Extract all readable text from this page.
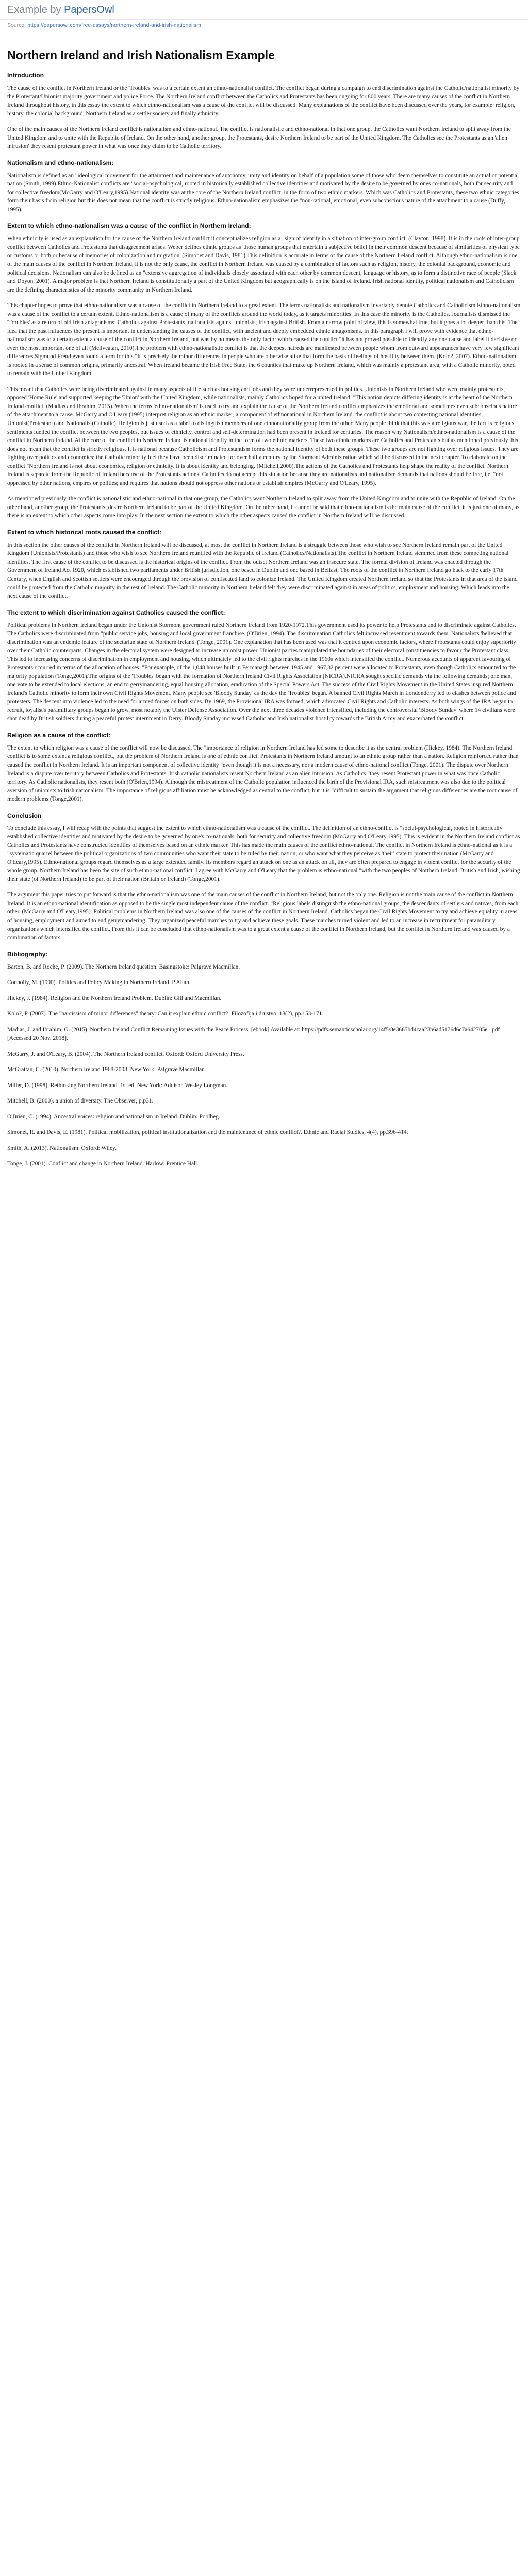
Example by PapersOwl
Source: https://papersowl.com/free-essays/northern-ireland-and-irish-nationalism
Northern Ireland and Irish Nationalism Example
Introduction

The cause of the conflict in Northern Ireland or the 'Troubles' was to a certain extent an ethno-nationalist conflict. The conflict began during a campaign to end discrimination against the Catholic/nationalist minority by the Protestant/Unionist majority government and police Force. The Northern Ireland conflict between the Catholics and Protestants has been ongoing for 800 years. There are many causes of the conflict in Northern Ireland throughout history, in this essay the extent to which ethno-nationalism was a cause of the conflict will be discussed. Many explanations of the conflict have been discussed over the years, for example: religion, history, the colonial background, Northern Ireland as a settler society and finally ethnicity.

One of the main causes of the Northern Ireland conflict is nationalism and ethno-national. The conflict is nationalistic and ethno-national in that one group, the Catholics want Northern Ireland to split away from the United Kingdom and to unite with the Republic of Ireland. On the other hand, another group, the Protestants, desire Northern Ireland to be part of the United Kingdom. The Catholics see the Protestants as an 'alien intrusion' they resent protestant power in what was once they claim to be Catholic territory.

Nationalism and ethno-nationalism:

Nationalism is defined as an "ideological movement for the attainment and maintenance of autonomy, unity and identity on behalf of a population some of those who deem themselves to constitute an actual or potential nation (Smith, 1999).Ethno-Nationalist conflicts are "social-psychological, rooted in historically established collective identities and motivated by the desire to be governed by ones co-nationals, both for security and for collective freedom(McGarry and O'Leary,1995).National identity was at the core of the Northern Ireland conflict, in the form of two ethnic markers. Which was Catholics and Protestants, these two ethnic categories form their basis from religion but this does not mean that the conflict is strictly religious. Ethno-nationalism emphasizes the "non-rational, emotional, even subconscious nature of the attachment to a cause (Duffy, 1995).

Extent to which ethno-nationalism was a cause of the conflict in Northern Ireland:

When ethnicity is used as an explanation for the cause of the Northern Ireland conflict it conceptualizes religion as a "sign of identity in a situation of inter-group conflict. (Clayton, 1998). It is in the roots of inter-group conflict between Catholics and Protestants that disagreement arises. Weber defines ethnic groups as 'those human groups that entertain a subjective belief in their common descent because of similarities of physical type or customs or both or because of memories of colonization and migration' (Simonet and Davis, 1981).This definition is accurate in terms of the cause of the Northern Ireland conflict. Although ethno-nationalism is one of the main causes of the conflict in Northern Ireland, it is not the only cause, the conflict in Northern Ireland was caused by a combination of factors such as religion, history, the colonial background, economic and political decisions. Nationalism can also be defined as an "extensive aggregation of individuals closely associated with each other by common descent, language or history, as to form a distinctive race of people (Slack and Doyon, 2001). A major problem is that Northern Ireland is constitutionally a part of the United Kingdom but geographically is on the island of Ireland. Irish national identity, political nationalism and Catholicism are the defining characteristics of the minority community in Northern Ireland.

This chapter hopes to prove that ethno-nationalism was a cause of the conflict in Northern Ireland to a great extent. The terms nationalists and nationalism invariably denote Catholics and Catholicism.Ethno-nationalism was a cause of the conflict to a certain extent. Ethno-nationalism is a cause of many of the conflicts around the world today, as it targets minorities. In this case the minority is the Catholics. Journalists dismissed the 'Troubles' as a return of old Irish antagonisms; Catholics against Protestants, nationalists against unionists, Irish against British. From a narrow point of view, this is somewhat true, but it goes a lot deeper than this. The idea that the past influences the present is important in understanding the causes of the conflict, with ancient and deeply embedded ethnic antagonisms. In this paragraph I will prove with evidence that ethno-nationalism was to a certain extent a cause of the conflict in Northern Ireland, but was by no means the only factor which caused the conflict "it has not proved possible to identify any one cause and label it decisive or even the most important one of all (Mcllveatan, 2010).The problem with ethno-nationalistic conflict is that the deepest hatreds are manifested between people whom from outward appearances have very few significant differences.Sigmund Freud even found a term for this "It is precisely the minor differences in people who are otherwise alike that form the basis of feelings of hostility between them. (Kolo?, 2007). Ethno-nationalism is rooted in a sense of common origins, primarily ancestral. When Ireland became the Irish Free State, the 6 counties that make up Northern Ireland, which was mainly a protestant area, with a Catholic minority, opted to remain with the United Kingdom.

This meant that Catholics were being discriminated against in many aspects of life such as housing and jobs and they were underrepresented in politics. Unionists in Northern Ireland who were mainly protestants, opposed 'Home Rule' and supported keeping the 'Union' with the United Kingdom, while nationalists, mainly Catholics hoped for a united Ireland. "This notion depicts differing identity is at the heart of the Northern Ireland conflict. (Madias and Ibrahim, 2015). When the terms 'ethno-nationalism' is used to try and explain the cause of the Northern Ireland conflict emphasizes the emotional and sometimes even subconscious nature of the attachment to a cause. McGarry and O'Leary (1995) interpret religion as an ethnic marker, a component of ethnonational in Northern Ireland. the conflict is about two contesting national identities, Unionist(Protestant) and Nationalist(Catholic). Religion is just used as a label to distinguish members of one ethnonationality group from the other. Many people think that this was a religious war, the fact is religious sentiments fuelled the conflict between the two peoples, but issues of ethnicity, control and self-determination had been present in Ireland for centuries. The reason why Nationalism/ethno-nationalism is a cause of the conflict in Northern Ireland. At the core of the conflict in Northern Ireland is national identity in the form of two ethnic markers. These two ethnic markers are Catholics and Protestants but as mentioned previously this does not mean that the conflict is strictly religious. It is national because Catholicism and Protestantism forms the national identity of both these groups. These two groups are not fighting over religious issues. They are fighting over politics and economics; the Catholic minority feel they have been discriminated for over half a century by the Stormont Administration which will be discussed in the next chapter. To elaborate on the conflict "Northern Ireland is not about economics, religion or ethnicity. It is about identity and belonging. (Mitchell,2000).The actions of the Catholics and Protestants help shape the reality of the conflict. Northern Ireland is separate from the Republic of Ireland because of the Protestants actions. Catholics do not accept this situation because they are nationalists and nationalism demands that nations should be free, i.e. "not oppressed by other nations, empires or polities; and requires that nations should not oppress other nations or establish empires (McGarry and O'Leary, 1995).

As mentioned previously, the conflict is nationalistic and ethno-national in that one group, the Catholics want Northern Ireland to split away from the United Kingdom and to unite with the Republic of Ireland. On the other hand, another group, the Protestants, desire Northern Ireland to be part of the United Kingdom. On the other hand, it cannot be said that ethno-nationalism is the main cause of the conflict, it is just one of many, as there is an extent to which other aspects come into play. In the next section the extent to which the other aspects caused the conflict in Northern Ireland will be discussed.

Extent to which historical roots caused the conflict:

In this section the other causes of the conflict in Northern Ireland will be discussed, at most the conflict in Northern Ireland is a struggle between those who wish to see Northern Ireland remain part of the United Kingdom (Unionists/Protestants) and those who wish to see Northern Ireland reunified with the Republic of Ireland (Catholics/Nationalists).The conflict in Northern Ireland stemmed from these competing national identities. The first cause of the conflict to be discussed is the historical origins of the conflict. From the outset Northern Ireland was an insecure state. The formal division of Ireland was enacted through the Government of Ireland Act 1920, which established two parliaments under British jurisdiction, one based in Dublin and one based in Belfast. The roots of the conflict in Northern Ireland go back to the early 17th Century, when English and Scottish settlers were encouraged through the provision of confiscated land to colonize Ireland. The United Kingdom created Northern Ireland so that the Protestants in that area of the island could be protected from the Catholic majority in the rest of Ireland. The Catholic minority in Northern Ireland felt they were discriminated against in areas of politics, employment and housing. Which leads into the next cause of the conflict.

The extent to which discrimination against Catholics caused the conflict:

Political problems in Northern Ireland began under the Unionist Stormont government ruled Northern Ireland from 1920-1972.This government used its power to help Protestants and to discriminate against Catholics. The Catholics were discriminated from "public service jobs, housing and local government franchise. (O'Brien, 1994). The discrimination Catholics felt increased resentment towards them. Nationalists 'believed that discrimination was an endemic feature of the sectarian state of Northern Ireland' (Tonge, 2001). One explanation that has been used was that it centred upon economic factors, where Protestants could enjoy superiority over their Catholic counterparts. Changes in the electoral system were designed to increase unionist power. Unionist parties manipulated the boundaries of their electoral constituencies to favour the Protestant class. This led to increasing concerns of discrimination in employment and housing, which ultimately led to the civil rights marches in the 1960s which intensified the conflict. Numerous accounts of apparent favouring of Protestants occurred in terms of the allocation of houses. "For example, of the 1,048 houses built in Fermanagh between 1945 and 1967,82 percent were allocated to Protestants, even though Catholics amounted to the majority population (Tonge,2001).The origins of the 'Troubles' began with the formation of Northern Ireland Civil Rights Association (NICRA).NICRA sought specific demands via the following demands; one man, one vote to be extended to local elections, an end to gerrymandering, equal housing allocation, eradication of the Special Powers Act. The success of the Civil Rights Movement in the United States inspired Northern Ireland's Catholic minority to form their own Civil Rights Movement. Many people see 'Bloody Sunday' as the day the 'Troubles' began. A banned Civil Rights March in Londonderry led to clashes between police and protesters. The descent into violence led to the need for armed forces on both sides. By 1969, the Provisional IRA was formed, which advocated Civil Rights and Catholic interests. As both wings of the IRA began to recruit, loyalist's paramilitary groups began to grow, most notably the Ulster Defense Association. Over the next three decades violence intensified, including the controversial 'Bloody Sunday' where 14 civilians were shot dead by British soldiers during a peaceful protest internment in Derry. Bloody Sunday increased Catholic and Irish nationalist hostility towards the British Army and exacerbated the conflict.

Religion as a cause of the conflict:

The extent to which religion was a cause of the conflict will now be discussed. The "importance of religion in Northern Ireland has led some to describe it as the central problem (Hickey, 1984). The Northern Ireland conflict is to some extent a religious conflict., but the problem of Northern Ireland is one of ethnic conflict. Protestants in Northern Ireland amount to an ethnic group rather than a nation. Religion reinforced rather than caused the conflict in Northern Ireland. It is an important component of collective identity "even though it is not a necessary, nor a modern cause of ethno-national conflict (Tonge, 2001). The dispute over Northern Ireland is a dispute over territory between Catholics and Protestants. Irish catholic nationalists resent Northern Ireland as an alien intrusion. As Catholics "they resent Protestant power in what was once Catholic territory. As Catholic nationalists, they resent both (O'Brien,1994). Although the mistreatment of the Catholic population influenced the birth of the Provisional IRA, such mistreatment was also due to the political aversion of unionists to Irish nationalism. The importance of religious affiliation must be acknowledged as central to the conflict, but it is "difficult to sustain the argument that religious differences are the root cause of modern problems (Tonge,2001).

Conclusion

To conclude this essay, I will recap with the points that suggest the extent to which ethno-nationalism was a cause of the conflict. The definition of an ethno-conflict is "social-psychological, rooted in historically established collective identities and motivated by the desire to be governed by one's co-nationals, both for security and collective freedom (McGarry and O'Leary,1995). This is evident in the Northern Ireland conflict as Catholics and Protestants have constructed identities of themselves based on an ethnic marker. This has made the main causes of the conflict ethno-national. The conflict in Northern Ireland is ethno-national as it is a "systematic quarrel between the political organizations of two communities who want their state to be ruled by their nation, or who want what they perceive as 'their' state to protect their nation (McGarry and O'Leary,1995). Ethno-national groups regard themselves as a large extended family. Its members regard an attack on one as an attack on all, they are often prepared to engage in violent conflict for the security of the whole group. Northern Ireland has been the site of such ethno-national conflict. I agree with McGarry and O'Leary that the problem is ethno-national "with the two peoples of Northern Ireland, British and Irish, wishing their state (of Northern Ireland) to be part of their nation (Britain or Ireland) (Tonge,2001).

The argument this paper tries to put forward is that the ethno-nationalism was one of the main causes of the conflict in Northern Ireland, but not the only one. Religion is not the main cause of the conflict in Northern Ireland. It is an ethno-national identification as opposed to be the single most independent cause of the conflict. "Religious labels distinguish the ethno-national groups, the descendants of settlers and natives, from each other. (McGarry and O'Leary,1995). Political problems in Northern Ireland was also one of the causes of the conflict in Northern Ireland. Catholics began the Civil Rights Movement to try and achieve equality in areas of housing, employment and aimed to end gerrymandering. They organized peaceful marches to try and achieve these goals. These marches turned violent and led to an increase in recruitment for paramilitary organizations which intensified the conflict. From this it can be concluded that ethno-nationalism was to a great extent a cause of the conflict in Northern Ireland, but the conflict in Northern Ireland was caused by a combination of factors.

Bibliography:
Barton, B. and Roche, P. (2009). The Northern Ireland question. Basingstoke: Palgrave Macmillan.
Connolly, M. (1990). Politics and Policy Making in Northern Ireland. P.Allan.
Hickey, J. (1984). Religion and the Northern Ireland Problem. Dublin: Gill and Macmillan.
Kolo?, P. (2007). The "narcissism of minor differences" theory: Can it explain ethnic conflict?. Filozofija i drustvo, 18(2), pp.153-171.
Madias, J. and Ibrahim, G. (2015). Northern Ireland Conflict Remaining Issues with the Peace Process. [ebook] Available at: https://pdfs.semanticscholar.org/14f5/8e3665bd4caa23b6ad5176d6c7a642705e1.pdf [Accessed 20 Nov. 2018].
McGarry, J. and O'Leary, B. (2004). The Northern Ireland conflict. Oxford: Oxford University Press.
McGrattan, C. (2010). Northern Ireland 1968-2008. New York: Palgrave Macmillan.
Miller, D. (1998). Rethinking Northern Ireland. 1st ed. New York: Addison Wesley Longman.
Mitchell, B. (2000). a union of diversity. The Observer, p.p31.
O'Brien, C. (1994). Ancestral voices: religion and nationalism in Ireland. Dublin: Poolbeg.
Simonet, R. and Davis, E. (1981). Political mobilization, political institutionalization and the maintenance of ethnic conflict?. Ethnic and Racial Studies, 4(4), pp.396-414.
Smith, A. (2013). Nationalism. Oxford: Wiley.
Tonge, J. (2001). Conflict and change in Northern Ireland. Harlow: Prentice Hall.
